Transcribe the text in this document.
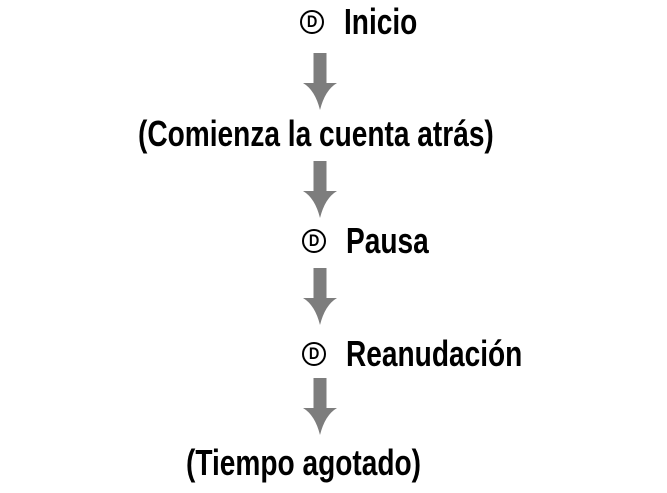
D Inicio
(Comienza la cuenta atrás)
D Pausa
D Reanudación
(Tiempo agotado)
